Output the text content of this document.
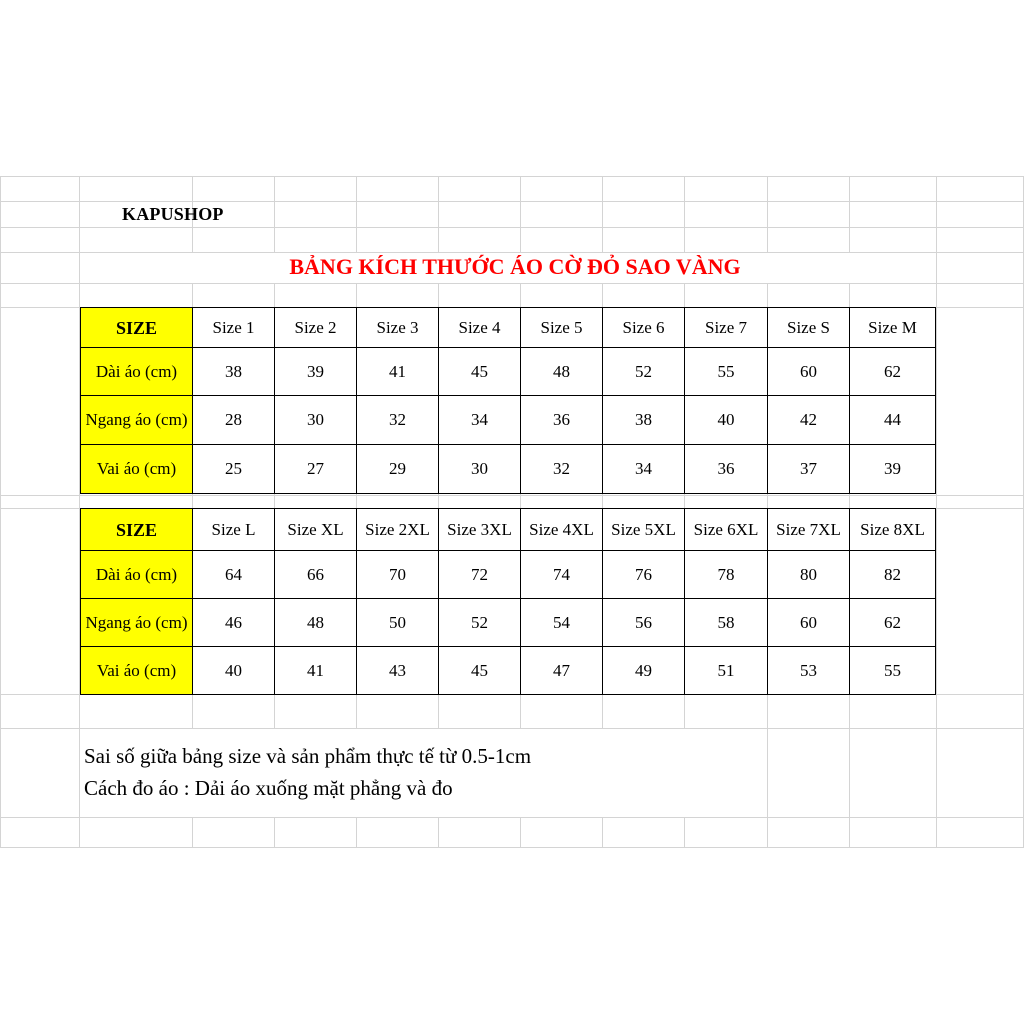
KAPUSHOP
BẢNG KÍCH THƯỚC ÁO CỜ ĐỎ SAO VÀNG
SIZE	Size 1	Size 2	Size 3	Size 4	Size 5	Size 6	Size 7	Size S	Size M
Dài áo (cm)	38	39	41	45	48	52	55	60	62
Ngang áo (cm)	28	30	32	34	36	38	40	42	44
Vai áo (cm)	25	27	29	30	32	34	36	37	39
SIZE	Size L	Size XL	Size 2XL	Size 3XL	Size 4XL	Size 5XL	Size 6XL	Size 7XL	Size 8XL
Dài áo (cm)	64	66	70	72	74	76	78	80	82
Ngang áo (cm)	46	48	50	52	54	56	58	60	62
Vai áo (cm)	40	41	43	45	47	49	51	53	55
Sai số giữa bảng size và sản phẩm thực tế từ 0.5-1cm
Cách đo áo : Dải áo xuống mặt phẳng và đo
